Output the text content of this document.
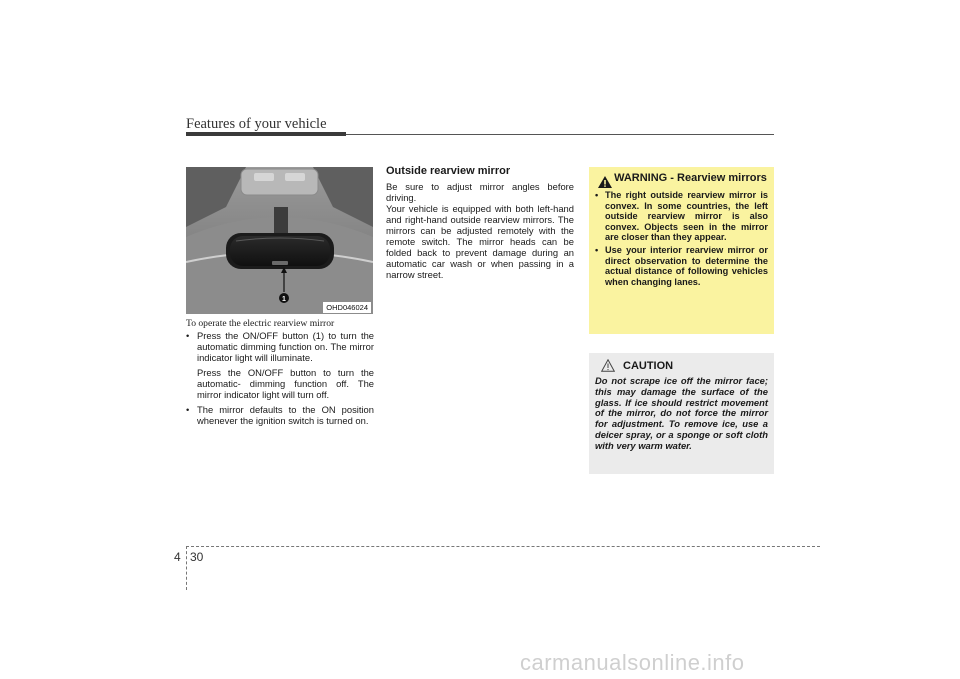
Features of your vehicle
1
OHD046024
To operate the electric rearview mirror

• Press the ON/OFF button (1) to turn the automatic dimming function on. The mirror indicator light will illuminate.

Press the ON/OFF button to turn the automatic- dimming function off. The mirror indicator light will turn off.

• The mirror defaults to the ON position whenever the ignition switch is turned on.

Outside rearview mirror

Be sure to adjust mirror angles before driving.

Your vehicle is equipped with both left-hand and right-hand outside rearview mirrors. The mirrors can be adjusted remotely with the remote switch. The mirror heads can be folded back to prevent damage during an automatic car wash or when passing in a narrow street.

WARNING - Rearview mirrors
• The right outside rearview mirror is convex. In some countries, the left outside rearview mirror is also convex. Objects seen in the mirror are closer than they appear.
• Use your interior rearview mirror or direct observation to determine the actual distance of following vehicles when changing lanes.
CAUTION

Do not scrape ice off the mirror face; this may damage the surface of the glass. If ice should restrict movement of the mirror, do not force the mirror for adjustment. To remove ice, use a deicer spray, or a sponge or soft cloth with very warm water.

4 30
carmanualsonline.info
